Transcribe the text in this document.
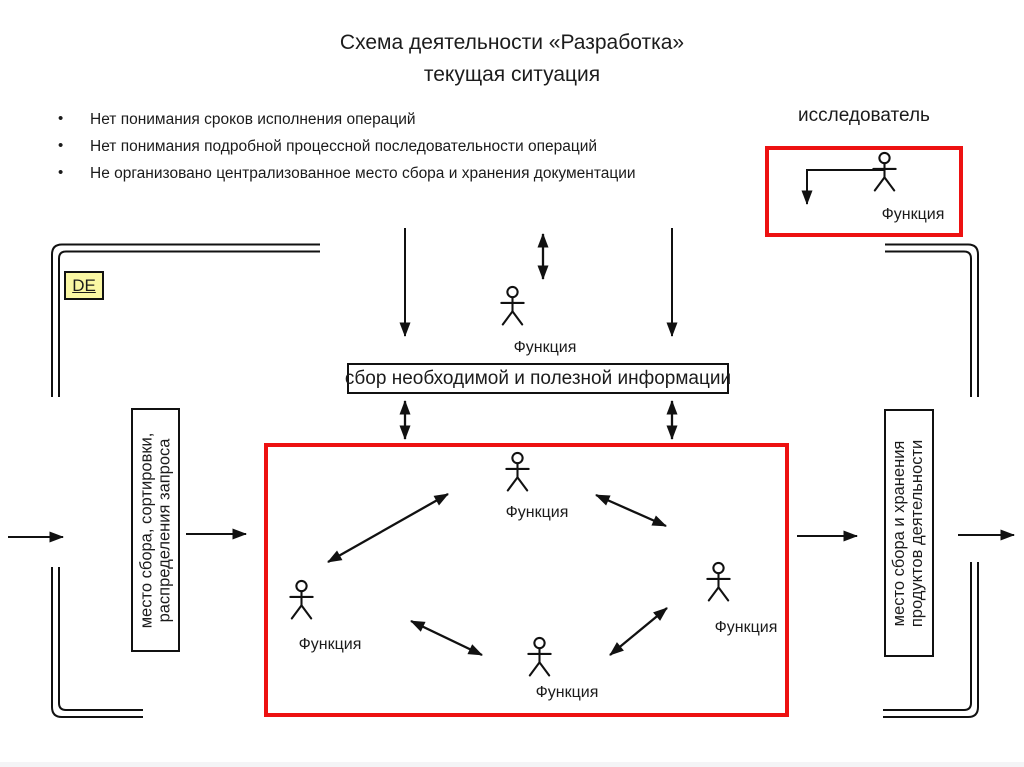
Схема деятельности «Разработка»
текущая ситуация
• Нет понимания сроков исполнения операций
• Нет понимания подробной процессной последовательности операций
• Не организовано централизованное место сбора и хранения документации
исследователь
Функция
DE
Функция
сбор необходимой и полезной информации
место сбора, сортировки, распределения запроса	место сбора и хранения продуктов деятельности
Функция
Функция
Функция
Функция
